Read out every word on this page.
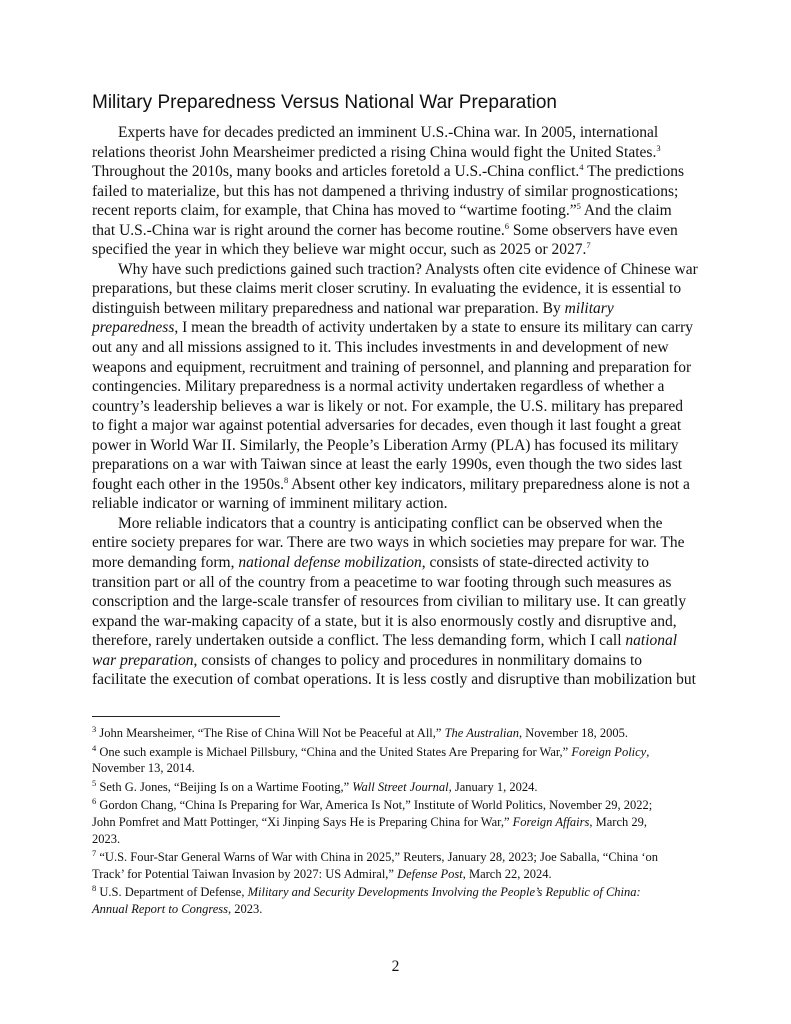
Military Preparedness Versus National War Preparation
Experts have for decades predicted an imminent U.S.-China war. In 2005, international
relations theorist John Mearsheimer predicted a rising China would fight the United States.$^3$
Throughout the 2010s, many books and articles foretold a U.S.-China conflict.$^4$ The predictions
failed to materialize, but this has not dampened a thriving industry of similar prognostications;
recent reports claim, for example, that China has moved to “wartime footing.”$^5$ And the claim
that U.S.-China war is right around the corner has become routine.$^6$ Some observers have even
specified the year in which they believe war might occur, such as 2025 or 2027.$^7$
Why have such predictions gained such traction? Analysts often cite evidence of Chinese war
preparations, but these claims merit closer scrutiny. In evaluating the evidence, it is essential to
distinguish between military preparedness and national war preparation. By military
preparedness, I mean the breadth of activity undertaken by a state to ensure its military can carry
out any and all missions assigned to it. This includes investments in and development of new
weapons and equipment, recruitment and training of personnel, and planning and preparation for
contingencies. Military preparedness is a normal activity undertaken regardless of whether a
country’s leadership believes a war is likely or not. For example, the U.S. military has prepared
to fight a major war against potential adversaries for decades, even though it last fought a great
power in World War II. Similarly, the People’s Liberation Army (PLA) has focused its military
preparations on a war with Taiwan since at least the early 1990s, even though the two sides last
fought each other in the 1950s.$^8$ Absent other key indicators, military preparedness alone is not a
reliable indicator or warning of imminent military action.
More reliable indicators that a country is anticipating conflict can be observed when the
entire society prepares for war. There are two ways in which societies may prepare for war. The
more demanding form, national defense mobilization, consists of state-directed activity to
transition part or all of the country from a peacetime to war footing through such measures as
conscription and the large-scale transfer of resources from civilian to military use. It can greatly
expand the war-making capacity of a state, but it is also enormously costly and disruptive and,
therefore, rarely undertaken outside a conflict. The less demanding form, which I call national
war preparation, consists of changes to policy and procedures in nonmilitary domains to
facilitate the execution of combat operations. It is less costly and disruptive than mobilization but
$^3$ John Mearsheimer, “The Rise of China Will Not be Peaceful at All,” The Australian, November 18, 2005.
$^4$ One such example is Michael Pillsbury, “China and the United States Are Preparing for War,” Foreign Policy,
November 13, 2014.
$^5$ Seth G. Jones, “Beijing Is on a Wartime Footing,” Wall Street Journal, January 1, 2024.
$^6$ Gordon Chang, “China Is Preparing for War, America Is Not,” Institute of World Politics, November 29, 2022;
John Pomfret and Matt Pottinger, “Xi Jinping Says He is Preparing China for War,” Foreign Affairs, March 29,
2023.
$^7$ “U.S. Four-Star General Warns of War with China in 2025,” Reuters, January 28, 2023; Joe Saballa, “China ‘on
Track’ for Potential Taiwan Invasion by 2027: US Admiral,” Defense Post, March 22, 2024.
$^8$ U.S. Department of Defense, Military and Security Developments Involving the People’s Republic of China:
Annual Report to Congress, 2023.
2
